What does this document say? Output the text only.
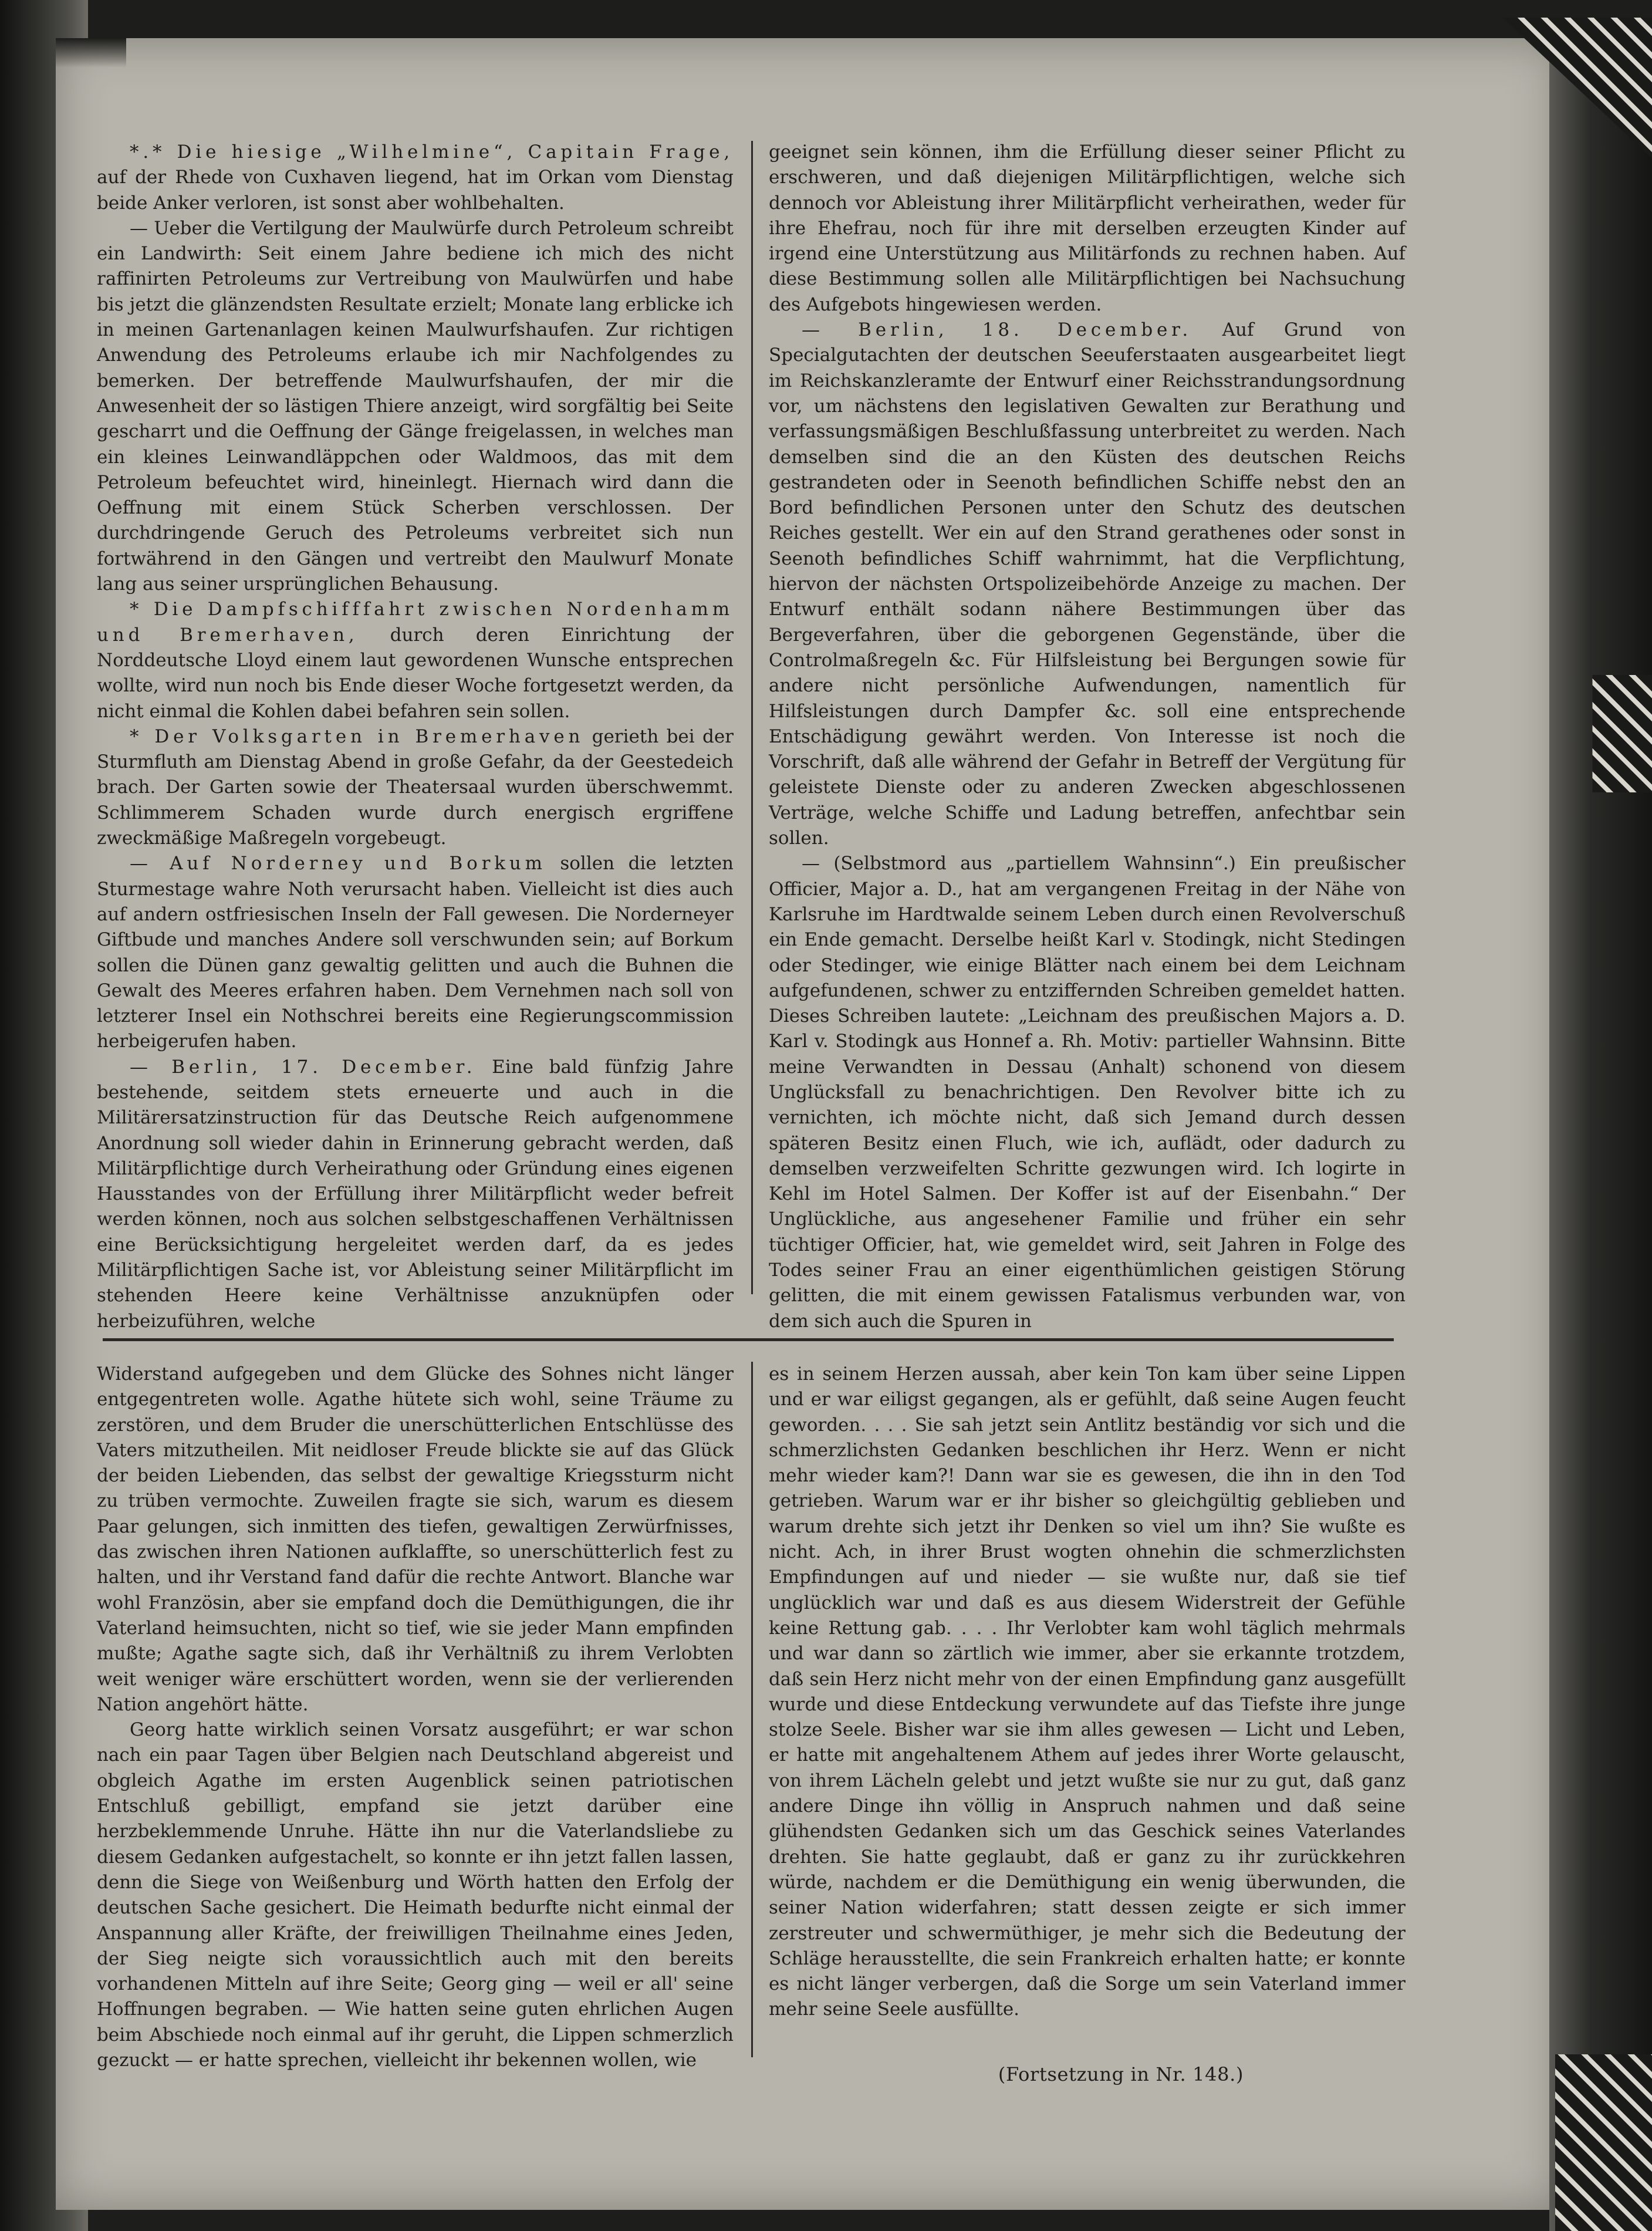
*.* Die hiesige „Wilhelmine“, Capitain Frage, auf der Rhede von Cuxhaven liegend, hat im Orkan vom Dienstag beide Anker verloren, ist sonst aber wohlbehalten.

— Ueber die Vertilgung der Maulwürfe durch Petroleum schreibt ein Landwirth: Seit einem Jahre bediene ich mich des nicht raffinirten Petroleums zur Vertreibung von Maulwürfen und habe bis jetzt die glänzendsten Resultate erzielt; Monate lang erblicke ich in meinen Gartenanlagen keinen Maulwurfshaufen. Zur richtigen Anwendung des Petroleums erlaube ich mir Nachfolgendes zu bemerken. Der betreffende Maulwurfshaufen, der mir die Anwesenheit der so lästigen Thiere anzeigt, wird sorgfältig bei Seite gescharrt und die Oeffnung der Gänge freigelassen, in welches man ein kleines Leinwandläppchen oder Waldmoos, das mit dem Petroleum befeuchtet wird, hineinlegt. Hiernach wird dann die Oeffnung mit einem Stück Scherben verschlossen. Der durchdringende Geruch des Petroleums verbreitet sich nun fortwährend in den Gängen und vertreibt den Maulwurf Monate lang aus seiner ursprünglichen Behausung.

* Die Dampfschifffahrt zwischen Nordenhamm und Bremerhaven, durch deren Einrichtung der Norddeutsche Lloyd einem laut gewordenen Wunsche entsprechen wollte, wird nun noch bis Ende dieser Woche fortgesetzt werden, da nicht einmal die Kohlen dabei befahren sein sollen.

* Der Volksgarten in Bremerhaven gerieth bei der Sturmfluth am Dienstag Abend in große Gefahr, da der Geestedeich brach. Der Garten sowie der Theatersaal wurden überschwemmt. Schlimmerem Schaden wurde durch energisch ergriffene zweckmäßige Maßregeln vorgebeugt.

— Auf Norderney und Borkum sollen die letzten Sturmestage wahre Noth verursacht haben. Vielleicht ist dies auch auf andern ostfriesischen Inseln der Fall gewesen. Die Norderneyer Giftbude und manches Andere soll verschwunden sein; auf Borkum sollen die Dünen ganz gewaltig gelitten und auch die Buhnen die Gewalt des Meeres erfahren haben. Dem Vernehmen nach soll von letzterer Insel ein Nothschrei bereits eine Regierungscommission herbeigerufen haben.

— Berlin, 17. December. Eine bald fünfzig Jahre bestehende, seitdem stets erneuerte und auch in die Militärersatzinstruction für das Deutsche Reich aufgenommene Anordnung soll wieder dahin in Erinnerung gebracht werden, daß Militärpflichtige durch Verheirathung oder Gründung eines eigenen Hausstandes von der Erfüllung ihrer Militärpflicht weder befreit werden können, noch aus solchen selbstgeschaffenen Verhältnissen eine Berücksichtigung hergeleitet werden darf, da es jedes Militärpflichtigen Sache ist, vor Ableistung seiner Militärpflicht im stehenden Heere keine Verhältnisse anzuknüpfen oder herbeizuführen, welche

geeignet sein können, ihm die Erfüllung dieser seiner Pflicht zu erschweren, und daß diejenigen Militärpflichtigen, welche sich dennoch vor Ableistung ihrer Militärpflicht verheirathen, weder für ihre Ehefrau, noch für ihre mit derselben erzeugten Kinder auf irgend eine Unterstützung aus Militärfonds zu rechnen haben. Auf diese Bestimmung sollen alle Militärpflichtigen bei Nachsuchung des Aufgebots hingewiesen werden.

— Berlin, 18. December. Auf Grund von Specialgutachten der deutschen Seeuferstaaten ausgearbeitet liegt im Reichskanzleramte der Entwurf einer Reichsstrandungsordnung vor, um nächstens den legislativen Gewalten zur Berathung und verfassungsmäßigen Beschlußfassung unterbreitet zu werden. Nach demselben sind die an den Küsten des deutschen Reichs gestrandeten oder in Seenoth befindlichen Schiffe nebst den an Bord befindlichen Personen unter den Schutz des deutschen Reiches gestellt. Wer ein auf den Strand gerathenes oder sonst in Seenoth befindliches Schiff wahrnimmt, hat die Verpflichtung, hiervon der nächsten Ortspolizeibehörde Anzeige zu machen. Der Entwurf enthält sodann nähere Bestimmungen über das Bergeverfahren, über die geborgenen Gegenstände, über die Controlmaßregeln &c. Für Hilfsleistung bei Bergungen sowie für andere nicht persönliche Aufwendungen, namentlich für Hilfsleistungen durch Dampfer &c. soll eine entsprechende Entschädigung gewährt werden. Von Interesse ist noch die Vorschrift, daß alle während der Gefahr in Betreff der Vergütung für geleistete Dienste oder zu anderen Zwecken abgeschlossenen Verträge, welche Schiffe und Ladung betreffen, anfechtbar sein sollen.

— (Selbstmord aus „partiellem Wahnsinn“.) Ein preußischer Officier, Major a. D., hat am vergangenen Freitag in der Nähe von Karlsruhe im Hardtwalde seinem Leben durch einen Revolverschuß ein Ende gemacht. Derselbe heißt Karl v. Stodingk, nicht Stedingen oder Stedinger, wie einige Blätter nach einem bei dem Leichnam aufgefundenen, schwer zu entziffernden Schreiben gemeldet hatten. Dieses Schreiben lautete: „Leichnam des preußischen Majors a. D. Karl v. Stodingk aus Honnef a. Rh. Motiv: partieller Wahnsinn. Bitte meine Verwandten in Dessau (Anhalt) schonend von diesem Unglücksfall zu benachrichtigen. Den Revolver bitte ich zu vernichten, ich möchte nicht, daß sich Jemand durch dessen späteren Besitz einen Fluch, wie ich, auflädt, oder dadurch zu demselben verzweifelten Schritte gezwungen wird. Ich logirte in Kehl im Hotel Salmen. Der Koffer ist auf der Eisenbahn.“ Der Unglückliche, aus angesehener Familie und früher ein sehr tüchtiger Officier, hat, wie gemeldet wird, seit Jahren in Folge des Todes seiner Frau an einer eigenthümlichen geistigen Störung gelitten, die mit einem gewissen Fatalismus verbunden war, von dem sich auch die Spuren in

Widerstand aufgegeben und dem Glücke des Sohnes nicht länger entgegentreten wolle. Agathe hütete sich wohl, seine Träume zu zerstören, und dem Bruder die unerschütterlichen Entschlüsse des Vaters mitzutheilen. Mit neidloser Freude blickte sie auf das Glück der beiden Liebenden, das selbst der gewaltige Kriegssturm nicht zu trüben vermochte. Zuweilen fragte sie sich, warum es diesem Paar gelungen, sich inmitten des tiefen, gewaltigen Zerwürfnisses, das zwischen ihren Nationen aufklaffte, so unerschütterlich fest zu halten, und ihr Verstand fand dafür die rechte Antwort. Blanche war wohl Französin, aber sie empfand doch die Demüthigungen, die ihr Vaterland heimsuchten, nicht so tief, wie sie jeder Mann empfinden mußte; Agathe sagte sich, daß ihr Verhältniß zu ihrem Verlobten weit weniger wäre erschüttert worden, wenn sie der verlierenden Nation angehört hätte.

Georg hatte wirklich seinen Vorsatz ausgeführt; er war schon nach ein paar Tagen über Belgien nach Deutschland abgereist und obgleich Agathe im ersten Augenblick seinen patriotischen Entschluß gebilligt, empfand sie jetzt darüber eine herzbeklemmende Unruhe. Hätte ihn nur die Vaterlandsliebe zu diesem Gedanken aufgestachelt, so konnte er ihn jetzt fallen lassen, denn die Siege von Weißenburg und Wörth hatten den Erfolg der deutschen Sache gesichert. Die Heimath bedurfte nicht einmal der Anspannung aller Kräfte, der freiwilligen Theilnahme eines Jeden, der Sieg neigte sich voraussichtlich auch mit den bereits vorhandenen Mitteln auf ihre Seite; Georg ging — weil er all' seine Hoffnungen begraben. — Wie hatten seine guten ehrlichen Augen beim Abschiede noch einmal auf ihr geruht, die Lippen schmerzlich gezuckt — er hatte sprechen, vielleicht ihr bekennen wollen, wie

es in seinem Herzen aussah, aber kein Ton kam über seine Lippen und er war eiligst gegangen, als er gefühlt, daß seine Augen feucht geworden. . . . Sie sah jetzt sein Antlitz beständig vor sich und die schmerzlichsten Gedanken beschlichen ihr Herz. Wenn er nicht mehr wieder kam?! Dann war sie es gewesen, die ihn in den Tod getrieben. Warum war er ihr bisher so gleichgültig geblieben und warum drehte sich jetzt ihr Denken so viel um ihn? Sie wußte es nicht. Ach, in ihrer Brust wogten ohnehin die schmerzlichsten Empfindungen auf und nieder — sie wußte nur, daß sie tief unglücklich war und daß es aus diesem Widerstreit der Gefühle keine Rettung gab. . . . Ihr Verlobter kam wohl täglich mehrmals und war dann so zärtlich wie immer, aber sie erkannte trotzdem, daß sein Herz nicht mehr von der einen Empfindung ganz ausgefüllt wurde und diese Entdeckung verwundete auf das Tiefste ihre junge stolze Seele. Bisher war sie ihm alles gewesen — Licht und Leben, er hatte mit angehaltenem Athem auf jedes ihrer Worte gelauscht, von ihrem Lächeln gelebt und jetzt wußte sie nur zu gut, daß ganz andere Dinge ihn völlig in Anspruch nahmen und daß seine glühendsten Gedanken sich um das Geschick seines Vaterlandes drehten. Sie hatte geglaubt, daß er ganz zu ihr zurückkehren würde, nachdem er die Demüthigung ein wenig überwunden, die seiner Nation widerfahren; statt dessen zeigte er sich immer zerstreuter und schwermüthiger, je mehr sich die Bedeutung der Schläge herausstellte, die sein Frankreich erhalten hatte; er konnte es nicht länger verbergen, daß die Sorge um sein Vaterland immer mehr seine Seele ausfüllte.

(Fortsetzung in Nr. 148.)
